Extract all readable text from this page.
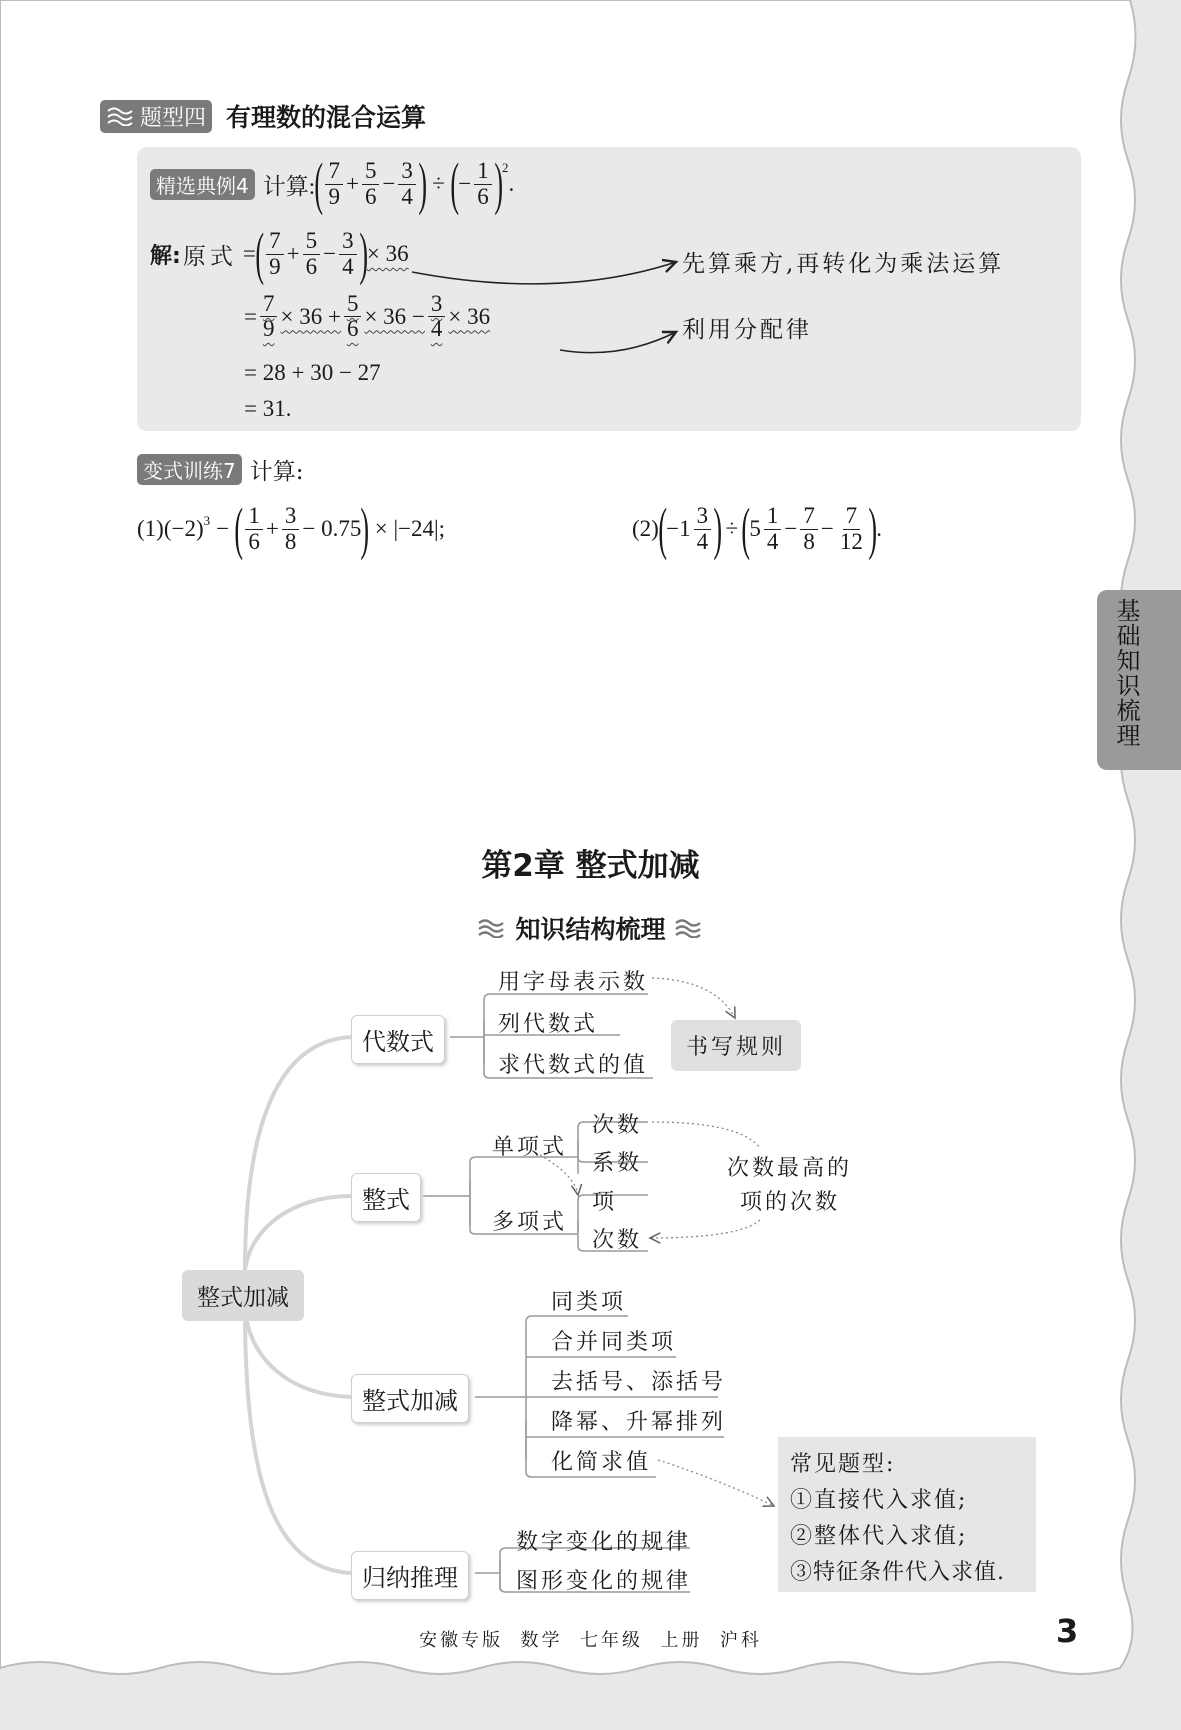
题型四 有理数的混合运算
精选典例4 计算: ( $\frac{7}{9} + \frac{5}{6} - \frac{3}{4}$ ) ÷ ( − $\frac{1}{6} )^2$
.
解: 原式 = ( $\frac{7}{9} + \frac{5}{6} - \frac{3}{4}$ ) × 36
= $\frac{7}{9} \times 36 + \frac{5}{6} \times 36 - \frac{3}{4} \times 36$
= 28 + 30 − 27
= 31.
先算乘方,再转化为乘法运算
利用分配律
变式训练7 计算:
$(1)(-2)^3$ − ( $\frac{1}{6} + \frac{3}{8} - 0.75$ ) × |−24|;	(2) ( $-1 \frac{3}{4}$ ) ÷ ( $5 \frac{1}{4} - \frac{7}{8} - \frac{7}{12}$ ) .
基础知识梳理
第2章 整式加减
知识结构梳理
整式加减
代数式
用字母表示数
列代数式
求代数式的值
书写规则
整式
单项式
多项式
次数
系数
项
次数
次数最高的
项的次数
整式加减
同类项
合并同类项
去括号、添括号
降幂、升幂排列
化简求值
归纳推理
数字变化的规律
图形变化的规律
常见题型:
①直接代入求值;
②整体代入求值;
③特征条件代入求值.
安徽专版  数学  七年级  上册  沪科	3
